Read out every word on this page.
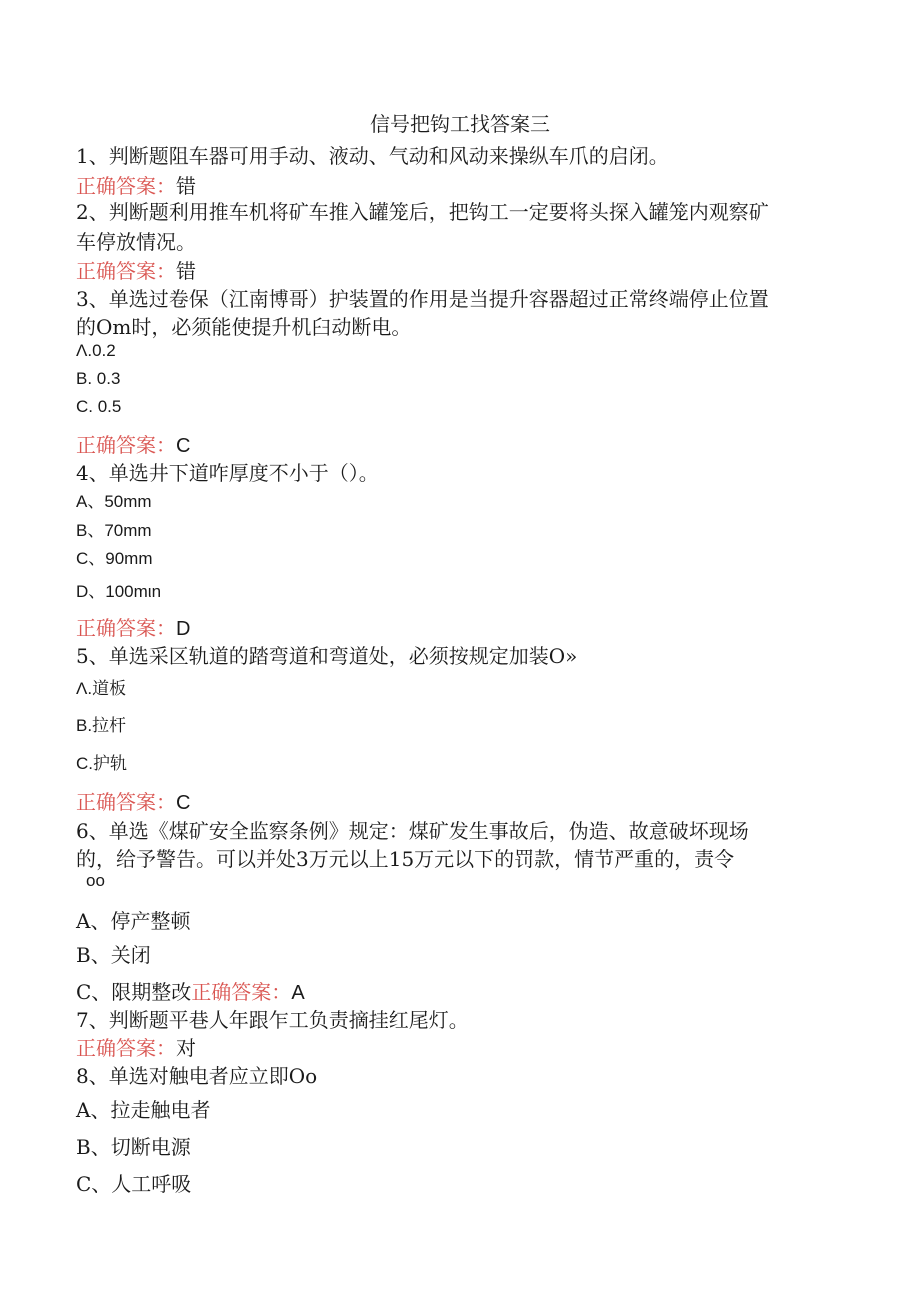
信号把钩工找答案三
1、判断题阻车器可用手动、液动、气动和风动来操纵车爪的启闭。
正确答案：错
2、判断题利用推车机将矿车推入罐笼后，把钩工一定要将头探入罐笼内观察矿
车停放情况。
正确答案：错
3、单选过卷保（江南博哥）护装置的作用是当提升容器超过正常终端停止位置
的Om时，必须能使提升机臼动断电。
Λ.0.2
B. 0.3
C. 0.5
正确答案：C
4、单选井下道咋厚度不小于（）。
A、50mm
B、70mm
C、90mm
D、100mιn
正确答案：D
5、单选采区轨道的踏弯道和弯道处，必须按规定加装O»
Λ.道板
B.拉杆
C.护轨
正确答案：C
6、单选《煤矿安全监察条例》规定：煤矿发生事故后，伪造、故意破坏现场
的，给予警告。可以并处3万元以上15万元以下的罚款，情节严重的，责令
oo
A、停产整顿
B、关闭
C、限期整改正确答案：A
7、判断题平巷人年跟乍工负责摘挂红尾灯。
正确答案：对
8、单选对触电者应立即Oo
A、拉走触电者
B、切断电源
C、人工呼吸
